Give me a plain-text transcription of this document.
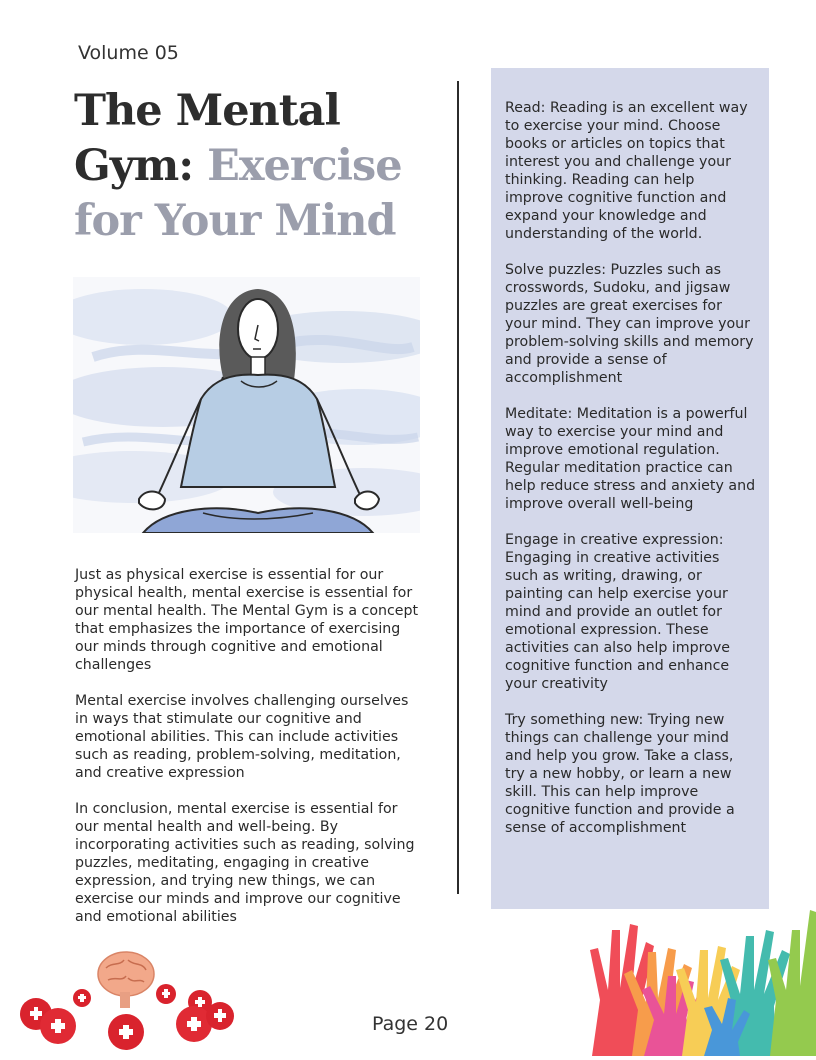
Volume 05
The Mental Gym: Exercise for Your Mind

Just as physical exercise is essential for our physical health, mental exercise is essential for our mental health. The Mental Gym is a concept that emphasizes the importance of exercising our minds through cognitive and emotional challenges

Mental exercise involves challenging ourselves in ways that stimulate our cognitive and emotional abilities. This can include activities such as reading, problem-solving, meditation, and creative expression

In conclusion, mental exercise is essential for our mental health and well-being. By incorporating activities such as reading, solving puzzles, meditating, engaging in creative expression, and trying new things, we can exercise our minds and improve our cognitive and emotional abilities

Read: Reading is an excellent way to exercise your mind. Choose books or articles on topics that interest you and challenge your thinking. Reading can help improve cognitive function and expand your knowledge and understanding of the world.

Solve puzzles: Puzzles such as crosswords, Sudoku, and jigsaw puzzles are great exercises for your mind. They can improve your problem-solving skills and memory and provide a sense of accomplishment

Meditate: Meditation is a powerful way to exercise your mind and improve emotional regulation. Regular meditation practice can help reduce stress and anxiety and improve overall well-being

Engage in creative expression: Engaging in creative activities such as writing, drawing, or painting can help exercise your mind and provide an outlet for emotional expression. These activities can also help improve cognitive function and enhance your creativity

Try something new: Trying new things can challenge your mind and help you grow. Take a class, try a new hobby, or learn a new skill. This can help improve cognitive function and provide a sense of accomplishment

Page 20
